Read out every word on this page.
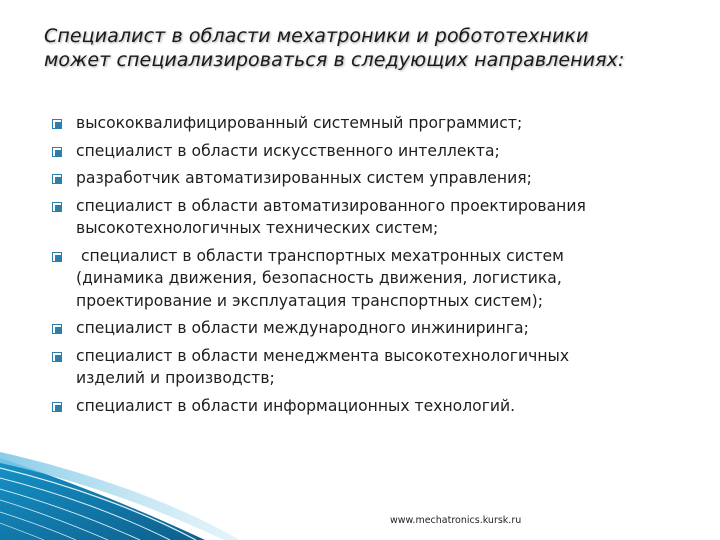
Специалист в области мехатроники и робототехники
может специализироваться в следующих направлениях:
высококвалифицированный системный программист;
специалист в области искусственного интеллекта;
разработчик автоматизированных систем управления;
специалист в области автоматизированного проектирования
высокотехнологичных технических систем;
специалист в области транспортных мехатронных систем
(динамика движения, безопасность движения, логистика,
проектирование и эксплуатация транспортных систем);
специалист в области международного инжиниринга;
специалист в области менеджмента высокотехнологичных
изделий и производств;
специалист в области информационных технологий.
www.mechatronics.kursk.ru
